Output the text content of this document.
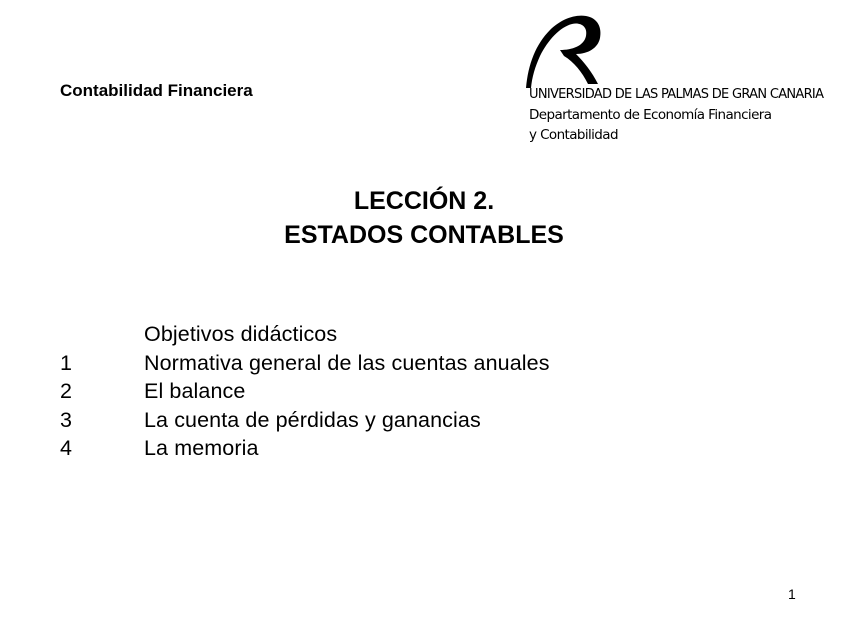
Contabilidad Financiera	UNIVERSIDAD DE LAS PALMAS DE GRAN CANARIA
Departamento de Economía Financiera
y Contabilidad
LECCIÓN 2.
ESTADOS CONTABLES
Objetivos didácticos
1	Normativa general de las cuentas anuales
2	El balance
3	La cuenta de pérdidas y ganancias
4	La memoria
1
